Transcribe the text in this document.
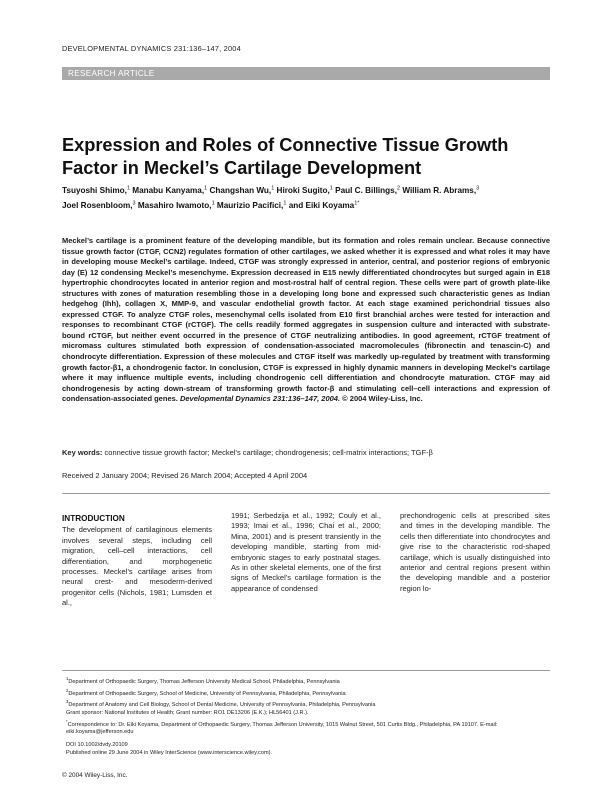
DEVELOPMENTAL DYNAMICS 231:136–147, 2004
RESEARCH ARTICLE
Expression and Roles of Connective Tissue Growth Factor in Meckel’s Cartilage Development
Tsuyoshi Shimo,$^1$ Manabu Kanyama,$^1$ Changshan Wu,$^1$ Hiroki Sugito,$^1$ Paul C. Billings,$^2$ William R. Abrams,$^3$
Joel Rosenbloom,$^3$ Masahiro Iwamoto,$^1$ Maurizio Pacifici,$^1$ and Eiki Koyama$^{1*}$
Meckel’s cartilage is a prominent feature of the developing mandible, but its formation and roles remain unclear. Because connective tissue growth factor (CTGF, CCN2) regulates formation of other cartilages, we asked whether it is expressed and what roles it may have in developing mouse Meckel’s cartilage. Indeed, CTGF was strongly expressed in anterior, central, and posterior regions of embryonic day (E) 12 condensing Meckel’s mesenchyme. Expression decreased in E15 newly differentiated chondrocytes but surged again in E18 hypertrophic chondrocytes located in anterior region and most-rostral half of central region. These cells were part of growth plate-like structures with zones of maturation resembling those in a developing long bone and expressed such characteristic genes as Indian hedgehog (Ihh), collagen X, MMP-9, and vascular endothelial growth factor. At each stage examined perichondrial tissues also expressed CTGF. To analyze CTGF roles, mesenchymal cells isolated from E10 first branchial arches were tested for interaction and responses to recombinant CTGF (rCTGF). The cells readily formed aggregates in suspension culture and interacted with substrate-bound rCTGF, but neither event occurred in the presence of CTGF neutralizing antibodies. In good agreement, rCTGF treatment of micromass cultures stimulated both expression of condensation-associated macromolecules (fibronectin and tenascin-C) and chondrocyte differentiation. Expression of these molecules and CTGF itself was markedly up-regulated by treatment with transforming growth factor-β1, a chondrogenic factor. In conclusion, CTGF is expressed in highly dynamic manners in developing Meckel’s cartilage where it may influence multiple events, including chondrogenic cell differentiation and chondrocyte maturation. CTGF may aid chondrogenesis by acting down-stream of transforming growth factor-β and stimulating cell–cell interactions and expression of condensation-associated genes. Developmental Dynamics 231:136–147, 2004. © 2004 Wiley-Liss, Inc.
Key words: connective tissue growth factor; Meckel’s cartilage; chondrogenesis; cell-matrix interactions; TGF-β
Received 2 January 2004; Revised 26 March 2004; Accepted 4 April 2004
INTRODUCTION
The development of cartilaginous elements involves several steps, including cell migration, cell–cell interactions, cell differentiation, and morphogenetic processes. Meckel’s cartilage arises from neural crest- and mesoderm-derived progenitor cells (Nichols, 1981; Lumsden et al.,
1991; Serbedzija et al., 1992; Couly et al., 1993; Imai et al., 1996; Chai et al., 2000; Mina, 2001) and is present transiently in the developing mandible, starting from mid-embryonic stages to early postnatal stages. As in other skeletal elements, one of the first signs of Meckel’s cartilage formation is the appearance of condensed
prechondrogenic cells at prescribed sites and times in the developing mandible. The cells then differentiate into chondrocytes and give rise to the characteristic rod-shaped cartilage, which is usually distinguished into anterior and central regions present within the developing mandible and a posterior region lo-
$^1$Department of Orthopaedic Surgery, Thomas Jefferson University Medical School, Philadelphia, Pennsylvania
$^2$Department of Orthopaedic Surgery, School of Medicine, University of Pennsylvania, Philadelphia, Pennsylvania
$^3$Department of Anatomy and Cell Biology, School of Dental Medicine, University of Pennsylvania, Philadelphia, Pennsylvania
Grant sponsor: National Institutes of Health; Grant number: RO1 DE13206 (E.K.); HL56401 (J.R.).
*Correspondence to: Dr. Eiki Koyama, Department of Orthopaedic Surgery, Thomas Jefferson University, 1015 Walnut Street, 501 Curtis Bldg., Philadelphia, PA 19107. E-mail: eiki.koyama@jefferson.edu
DOI 10.1002/dvdy.20109
Published online 29 June 2004 in Wiley InterScience (www.interscience.wiley.com).
© 2004 Wiley-Liss, Inc.
